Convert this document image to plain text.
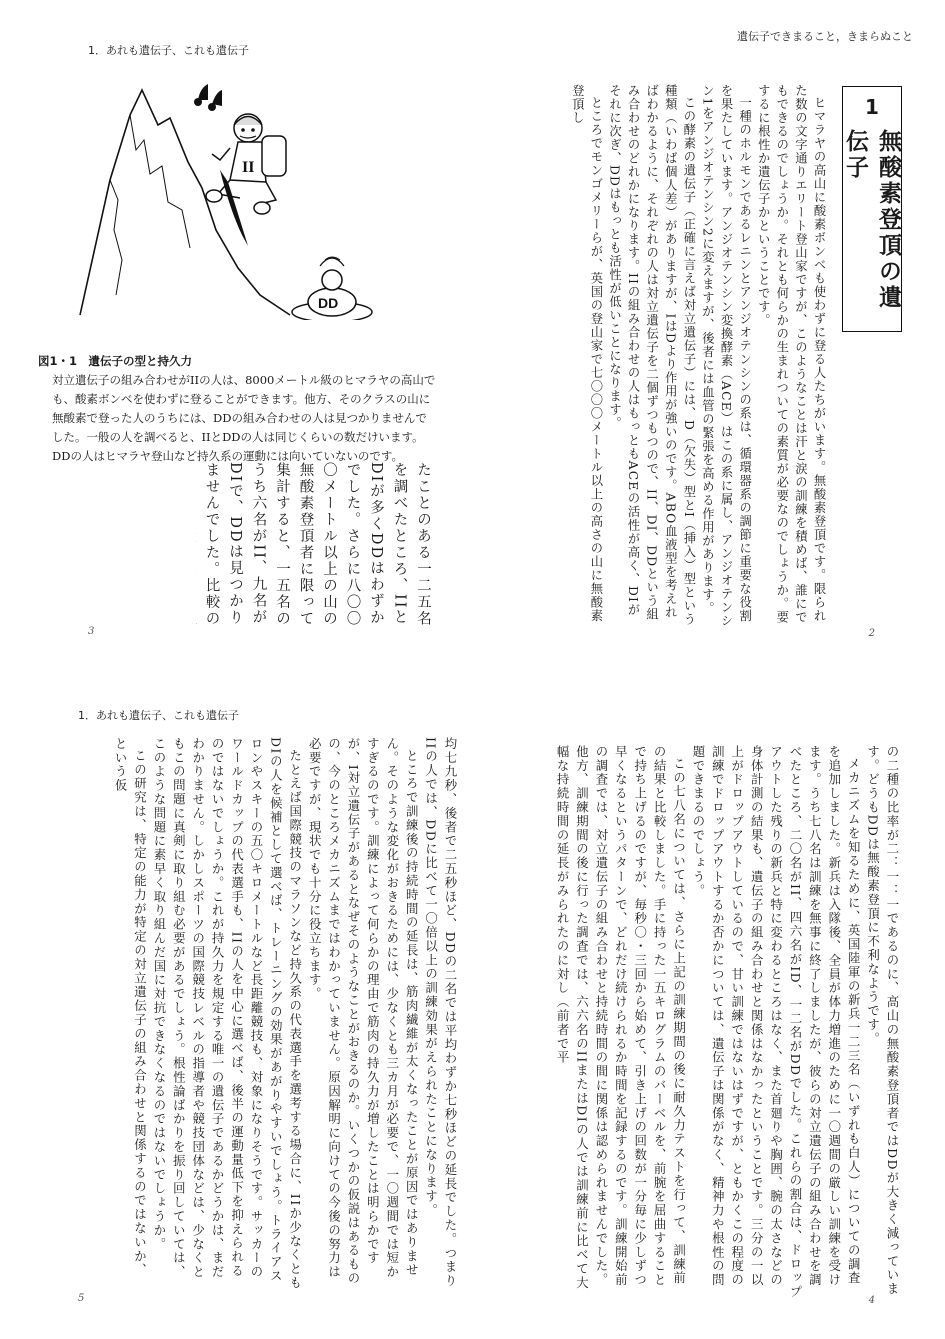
1．あれも遺伝子、これも遺伝子
II
DD
図1・1　遺伝子の型と持久力
対立遺伝子の組み合わせがIIの人は、8000メートル級のヒマラヤの高山でも、酸素ボンベを使わずに登ることができます。他方、そのクラスの山に無酸素で登った人のうちには、DDの組み合わせの人は見つかりませんでした。一般の人を調べると、IIとDDの人は同じくらいの数だけいます。DDの人はヒマラヤ登山など持久系の運動には向いていないのです。

たことのある一二五名を調べたところ、IIとDIが多くDDはわずかでした。さらに八〇〇〇メートル以上の山の無酸素登頂者に限って集計すると、一五名のうち六名がII、九名がDIで、DDは見つかりませんでした。比較の

3
遺伝子できまること，きまらぬこと
1
無酸素登頂の遺伝子

ヒマラヤの高山に酸素ボンベも使わずに登る人たちがいます。無酸素登頂です。限られた数の文字通りエリート登山家ですが、このようなことは汗と涙の訓練を積めば、誰にでもできるのでしょうか。それとも何らかの生まれついての素質が必要なのでしょうか。要するに根性か遺伝子かということです。

一種のホルモンであるレニンとアンジオテンシンの系は、循環器系の調節に重要な役割を果たしています。アンジオテンシン変換酵素（ACE）はこの系に属し、アンジオテンシン1をアンジオテンシン2に変えますが、後者には血管の緊張を高める作用があります。

この酵素の遺伝子（正確に言えば対立遺伝子）には、D（欠失）型とI（挿入）型という種類（いわば個人差）がありますが、IはDより作用が強いのです。ABO血液型を考えればわかるように、それぞれの人は対立遺伝子を二個ずつもつので、II、DI、DDという組み合わせのどれかになります。IIの組み合わせの人はもっともACEの活性が高く、DIがそれに次ぎ、DDはもっとも活性が低いことになります。

ところでモンゴメリーらが、英国の登山家で七〇〇〇メートル以上の高さの山に無酸素登頂し

2
1．あれも遺伝子、これも遺伝子

均七九秒、後者で二五秒ほど、DDの二名では平均わずか七秒ほどの延長でした。つまりIIの人では、DDに比べて一〇倍以上の訓練効果がえられたことになります。

ところで訓練後の持続時間の延長は、筋肉繊維が太くなったことが原因ではありません。そのような変化がおきるためには、少なくとも三カ月が必要で、一〇週間では短かすぎるのです。訓練によって何らかの理由で筋肉の持久力が増したことは明らかですが、I対立遺伝子があるとなぜそのようなことがおきるのか。いくつかの仮説はあるものの、今のところメカニズムまではわかっていません。原因解明に向けての今後の努力は必要ですが、現状でも十分に役立ちます。

たとえば国際競技のマラソンなど持久系の代表選手を選考する場合に、IIか少なくともDIの人を候補として選べば、トレーニングの効果があがりやすいでしょう。トライアスロンやスキーの五〇キロメートルなど長距離競技も、対象になりそうです。サッカーのワールドカップの代表選手も、IIの人を中心に選べば、後半の運動量低下を抑えられるのではないでしょうか。これが持久力を規定する唯一の遺伝子であるかどうかは、まだわかりません。しかしスポーツの国際競技レベルの指導者や競技団体などは、少なくともこの問題に真剣に取り組む必要があるでしょう。根性論ばかりを振り回していては、このような問題に素早く取り組んだ国に対抗できなくなるのではないでしょうか。

この研究は、特定の能力が特定の対立遺伝子の組み合わせと関係するのではないか、という仮

5

の二種の比率が二：一：一であるのに、高山の無酸素登頂者ではDDが大きく減っています。どうもDDは無酸素登頂に不利なようです。

メカニズムを知るために、英国陸軍の新兵一二三名（いずれも白人）についての調査を追加しました。新兵は入隊後、全員が体力増進のために一〇週間の厳しい訓練を受けます。うち七八名は訓練を無事に終了しましたが、彼らの対立遺伝子の組み合わせを調べたところ、二〇名がII、四六名がID、一二名がDDでした。これらの割合は、ドロップアウトした残りの新兵と特に変わるところはなく、また首廻りや胸囲、腕の太さなどの身体計測の結果も、遺伝子の組み合わせと関係はなかったということです。三分の一以上がドロップアウトしているので、甘い訓練ではないはずですが、ともかくこの程度の訓練でドロップアウトするか否かについては、遺伝子は関係がなく、精神力や根性の問題できまるのでしょう。

この七八名については、さらに上記の訓練期間の後に耐久力テストを行って、訓練前の結果と比較しました。手に持った一五キログラムのバーベルを、前腕を屈曲することで持ち上げるのですが、毎秒〇・三回から始めて、引き上げの回数が一分毎に少しずつ早くなるというパターンで、どれだけ続けられるか時間を記録するのです。訓練開始前の調査では、対立遺伝子の組み合わせと持続時間の間に関係は認められませんでした。他方、訓練期間の後に行った調査では、六六名のIIまたはDIの人では訓練前に比べて大幅な持続時間の延長がみられたのに対し（前者で平

4
